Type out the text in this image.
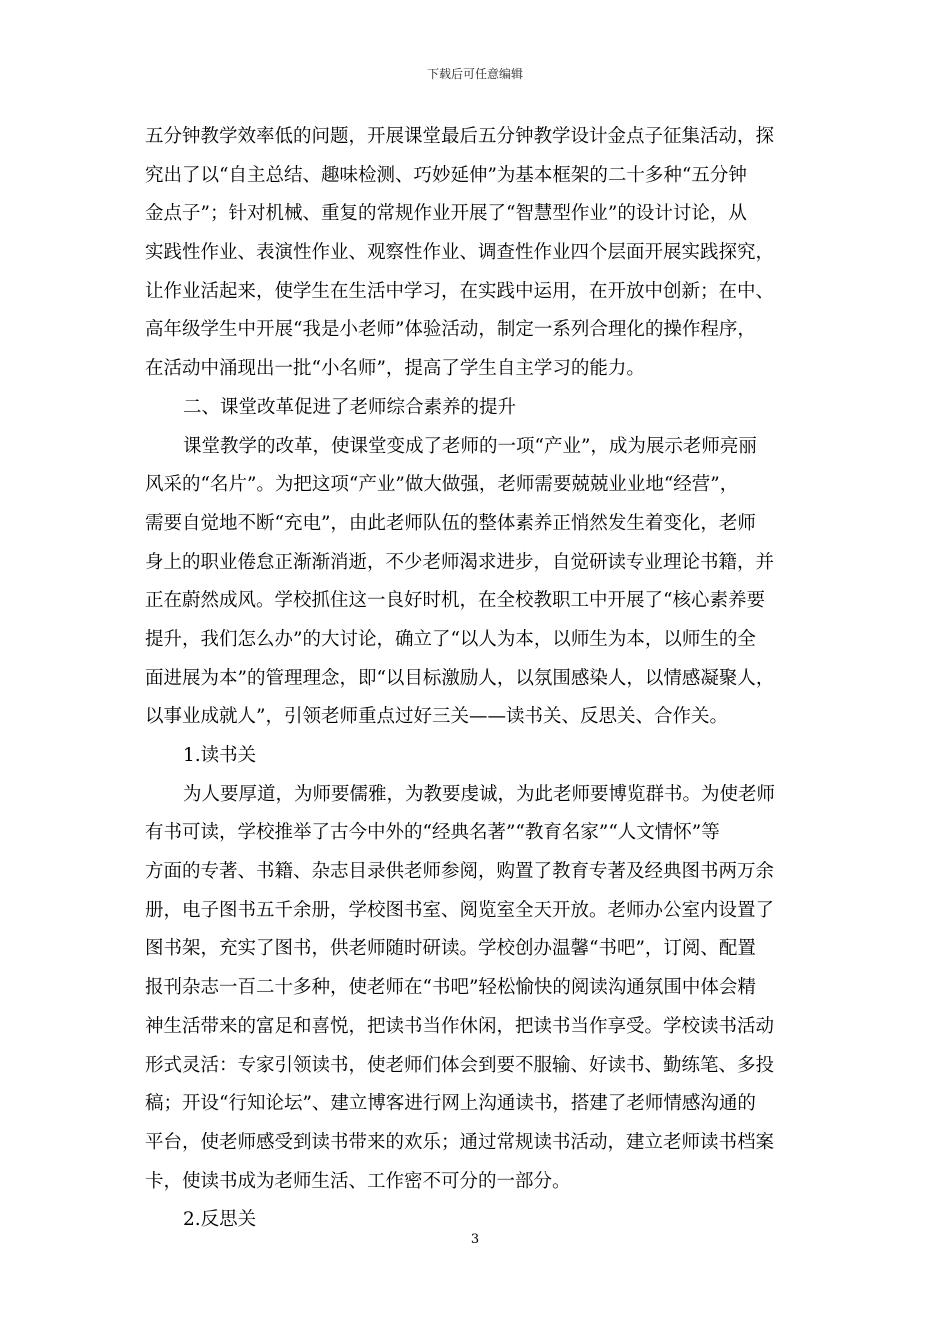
下载后可任意编辑
五分钟教学效率低的问题，开展课堂最后五分钟教学设计金点子征集活动，探
究出了以“自主总结、趣味检测、巧妙延伸”为基本框架的二十多种“五分钟
金点子”；针对机械、重复的常规作业开展了“智慧型作业”的设计讨论，从
实践性作业、表演性作业、观察性作业、调查性作业四个层面开展实践探究，
让作业活起来，使学生在生活中学习，在实践中运用，在开放中创新；在中、
高年级学生中开展“我是小老师”体验活动，制定一系列合理化的操作程序，
在活动中涌现出一批“小名师”，提高了学生自主学习的能力。
二、课堂改革促进了老师综合素养的提升
课堂教学的改革，使课堂变成了老师的一项“产业”，成为展示老师亮丽
风采的“名片”。为把这项“产业”做大做强，老师需要兢兢业业地“经营”，
需要自觉地不断“充电”，由此老师队伍的整体素养正悄然发生着变化，老师
身上的职业倦怠正渐渐消逝，不少老师渴求进步，自觉研读专业理论书籍，并
正在蔚然成风。学校抓住这一良好时机，在全校教职工中开展了“核心素养要
提升，我们怎么办”的大讨论，确立了“以人为本，以师生为本，以师生的全
面进展为本”的管理理念，即“以目标激励人，以氛围感染人，以情感凝聚人，
以事业成就人”，引领老师重点过好三关——读书关、反思关、合作关。
1.读书关
为人要厚道，为师要儒雅，为教要虔诚，为此老师要博览群书。为使老师
有书可读，学校推举了古今中外的“经典名著”“教育名家”“人文情怀”等
方面的专著、书籍、杂志目录供老师参阅，购置了教育专著及经典图书两万余
册，电子图书五千余册，学校图书室、阅览室全天开放。老师办公室内设置了
图书架，充实了图书，供老师随时研读。学校创办温馨“书吧”，订阅、配置
报刊杂志一百二十多种，使老师在“书吧”轻松愉快的阅读沟通氛围中体会精
神生活带来的富足和喜悦，把读书当作休闲，把读书当作享受。学校读书活动
形式灵活：专家引领读书，使老师们体会到要不服输、好读书、勤练笔、多投
稿；开设“行知论坛”、建立博客进行网上沟通读书，搭建了老师情感沟通的
平台，使老师感受到读书带来的欢乐；通过常规读书活动，建立老师读书档案
卡，使读书成为老师生活、工作密不可分的一部分。
2.反思关
3
